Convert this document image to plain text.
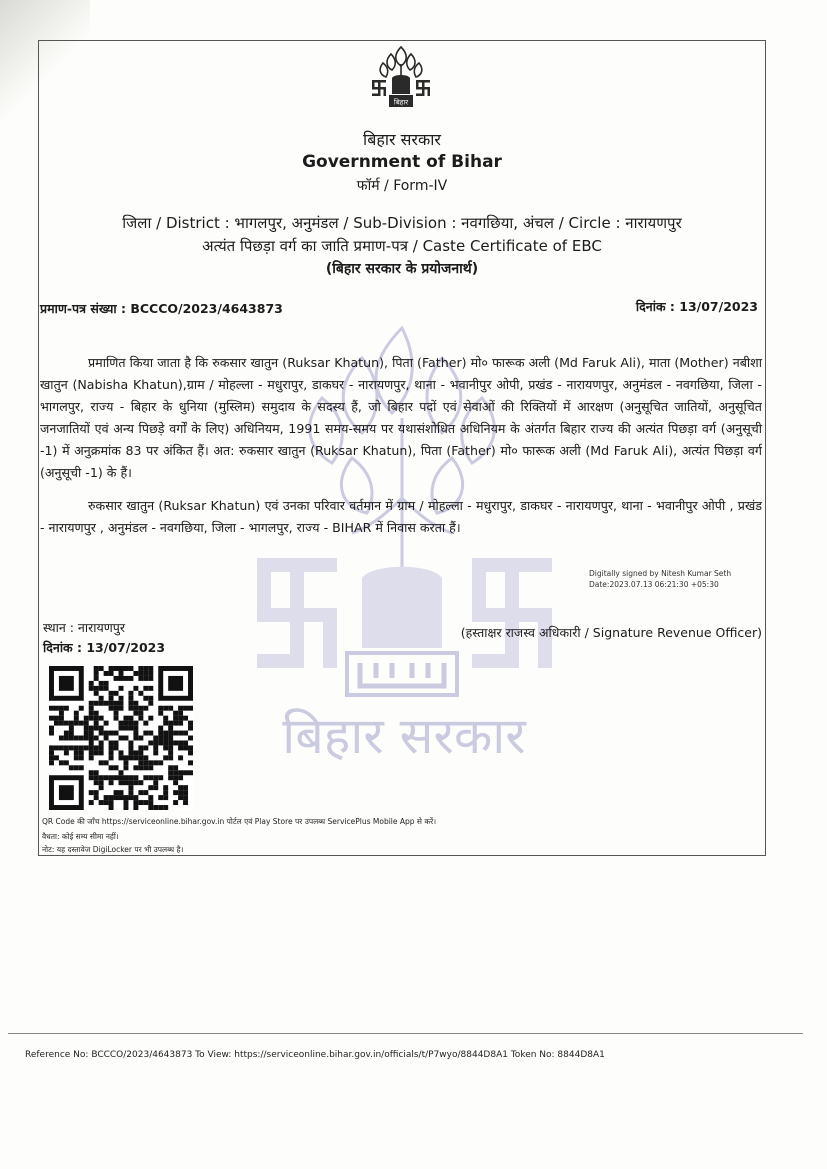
बिहार सरकार
बिहार
बिहार सरकार
Government of Bihar
फॉर्म / Form-IV
जिला / District : भागलपुर, अनुमंडल / Sub-Division : नवगछिया, अंचल / Circle : नारायणपुर
अत्यंत पिछड़ा वर्ग का जाति प्रमाण-पत्र / Caste Certificate of EBC
(बिहार सरकार के प्रयोजनार्थ)
प्रमाण-पत्र संख्या : BCCCO/2023/4643873	दिनांक : 13/07/2023
प्रमाणित किया जाता है कि रुकसार खातुन (Ruksar Khatun), पिता (Father) मो० फारूक अली (Md Faruk Ali), माता (Mother) नबीशा खातुन (Nabisha Khatun),ग्राम / मोहल्ला - मधुरापुर, डाकघर - नारायणपुर, थाना - भवानीपुर ओपी, प्रखंड - नारायणपुर, अनुमंडल - नवगछिया, जिला - भागलपुर, राज्य - बिहार के धुनिया (मुस्लिम) समुदाय के सदस्य हैं, जो बिहार पदों एवं सेवाओं की रिक्तियों में आरक्षण (अनुसूचित जातियों, अनुसूचित जनजातियों एवं अन्य पिछड़े वर्गों के लिए) अधिनियम, 1991 समय-समय पर यथासंशोधित अधिनियम के अंतर्गत बिहार राज्य की अत्यंत पिछड़ा वर्ग (अनुसूची -1) में अनुक्रमांक 83 पर अंकित हैं। अत: रुकसार खातुन (Ruksar Khatun), पिता (Father) मो० फारूक अली (Md Faruk Ali), अत्यंत पिछड़ा वर्ग (अनुसूची -1) के हैं।
रुकसार खातुन (Ruksar Khatun) एवं उनका परिवार वर्तमान में ग्राम / मोहल्ला - मधुरापुर, डाकघर - नारायणपुर, थाना - भवानीपुर ओपी , प्रखंड - नारायणपुर , अनुमंडल - नवगछिया, जिला - भागलपुर, राज्य - BIHAR में निवास करता हैं।
Digitally signed by Nitesh Kumar Seth
Date:2023.07.13 06:21:30 +05:30
स्थान : नारायणपुर
दिनांक : 13/07/2023
(हस्ताक्षर राजस्व अधिकारी / Signature Revenue Officer)
QR Code की जाँच https://serviceonline.bihar.gov.in पोर्टल एवं Play Store पर उपलब्ध ServicePlus Mobile App से करें।
वैधता: कोई सम्य सीमा नहीं।
नोट: यह दस्तावेज DigiLocker पर भी उपलब्ध है।
Reference No: BCCCO/2023/4643873 To View: https://serviceonline.bihar.gov.in/officials/t/P7wyo/8844D8A1 Token No: 8844D8A1
